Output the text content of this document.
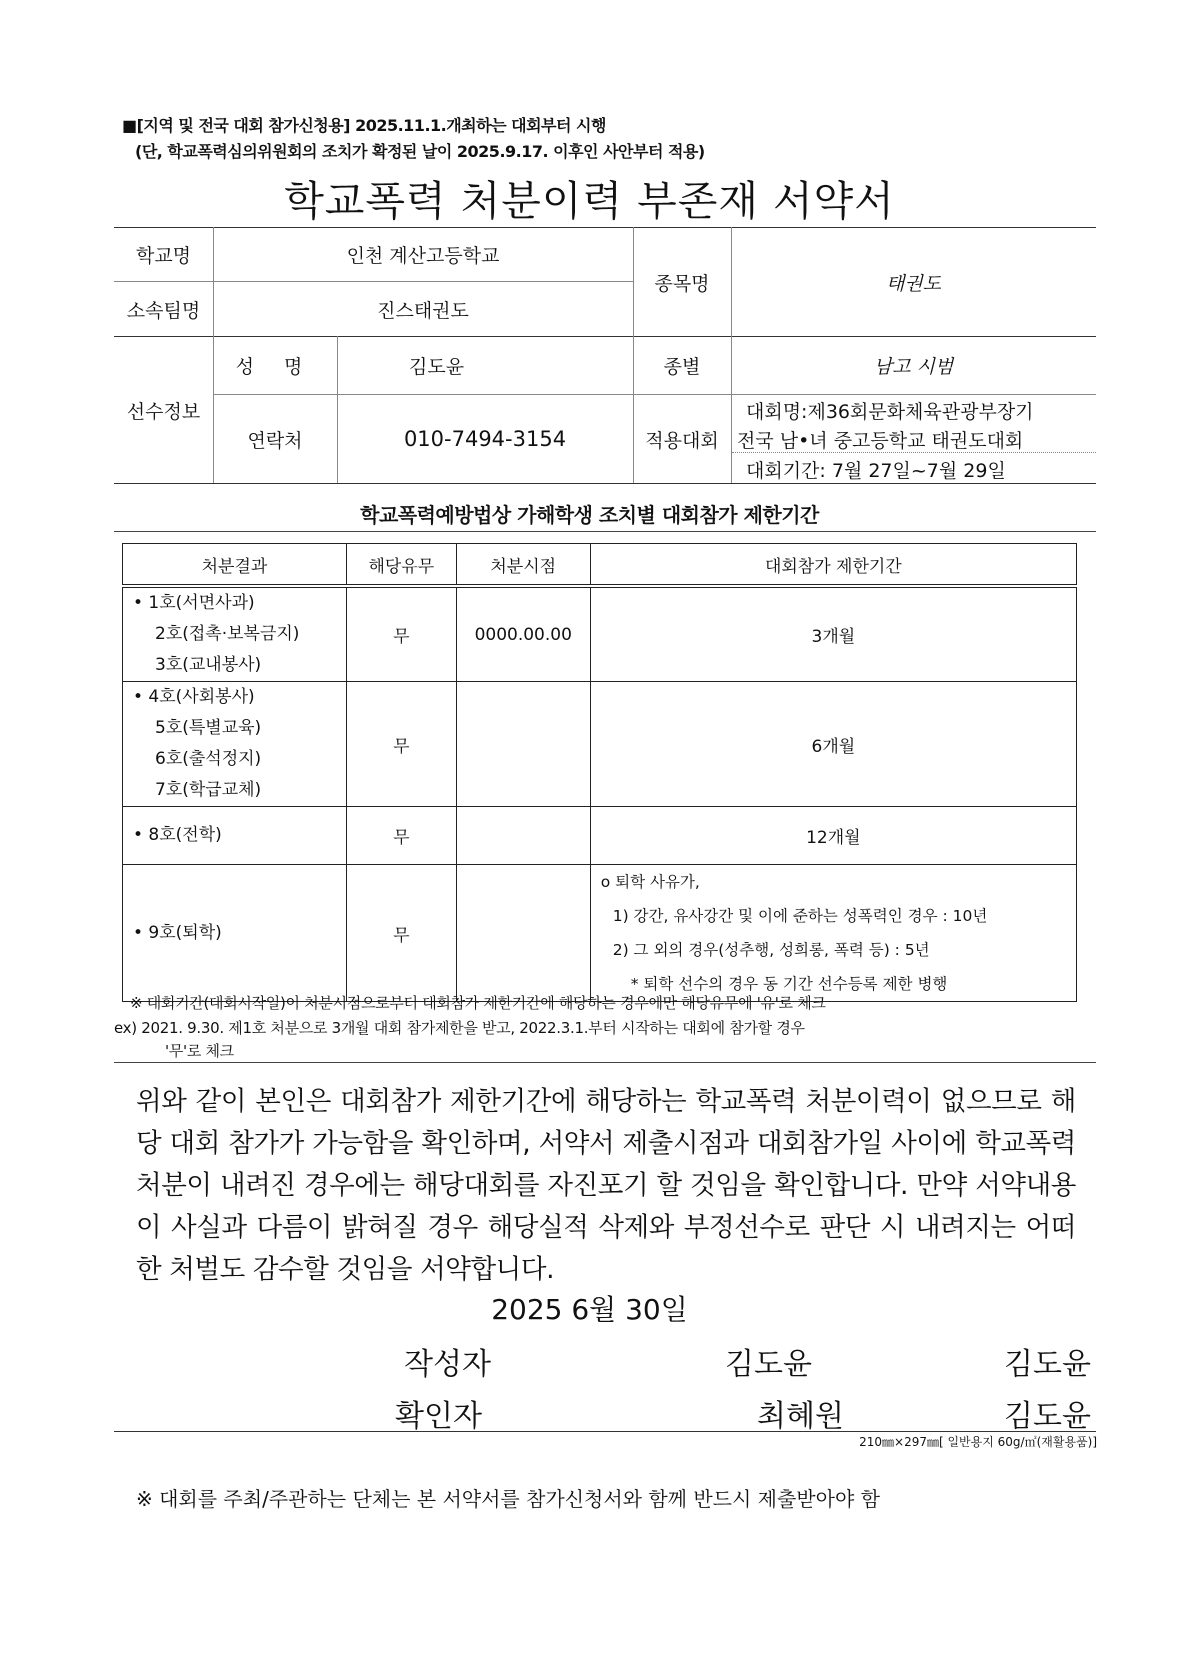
■[지역 및 전국 대회 참가신청용] 2025.11.1.개최하는 대회부터 시행
(단, 학교폭력심의위원회의 조치가 확정된 날이 2025.9.17. 이후인 사안부터 적용)
학교폭력 처분이력 부존재 서약서
학교명	인천 계산고등학교
소속팀명	진스태권도
종목명	태권도
선수정보
성 명	김도윤	종별	남고 시범
연락처	010-7494-3154	적용대회
대회명:제36회문화체육관광부장기
전국 남•녀 중고등학교 태권도대회
대회기간: 7월 27일~7월 29일
학교폭력예방법상 가해학생 조치별 대회참가 제한기간
처분결과	해당유무	처분시점	대회참가 제한기간

• 1호(서면사과)
2호(접촉·보복금지)
3호(교내봉사)	무	0000.00.00	3개월

• 4호(사회봉사)
5호(특별교육)
6호(출석정지)
7호(학급교체)	무		6개월

• 8호(전학)	무		12개월

• 9호(퇴학)	무		o 퇴학 사유가,
1) 강간, 유사강간 및 이에 준하는 성폭력인 경우 : 10년
2) 그 외의 경우(성추행, 성희롱, 폭력 등) : 5년
* 퇴학 선수의 경우 동 기간 선수등록 제한 병행
※ 대회기간(대회시작일)이 처분시점으로부터 대회참가 제한기간에 해당하는 경우에만 해당유무에 '유'로 체크
ex) 2021. 9.30. 제1호 처분으로 3개월 대회 참가제한을 받고, 2022.3.1.부터 시작하는 대회에 참가할 경우
'무'로 체크
위와 같이 본인은 대회참가 제한기간에 해당하는 학교폭력 처분이력이 없으므로 해당 대회 참가가 가능함을 확인하며, 서약서 제출시점과 대회참가일 사이에 학교폭력 처분이 내려진 경우에는 해당대회를 자진포기 할 것임을 확인합니다. 만약 서약내용이 사실과 다름이 밝혀질 경우 해당실적 삭제와 부정선수로 판단 시 내려지는 어떠한 처벌도 감수할 것임을 서약합니다.
2025 6월 30일
작성자	김도윤	김도윤
확인자	최혜원	김도윤
210㎜×297㎜[ 일반용지 60g/㎡(재활용품)]
※ 대회를 주최/주관하는 단체는 본 서약서를 참가신청서와 함께 반드시 제출받아야 함
